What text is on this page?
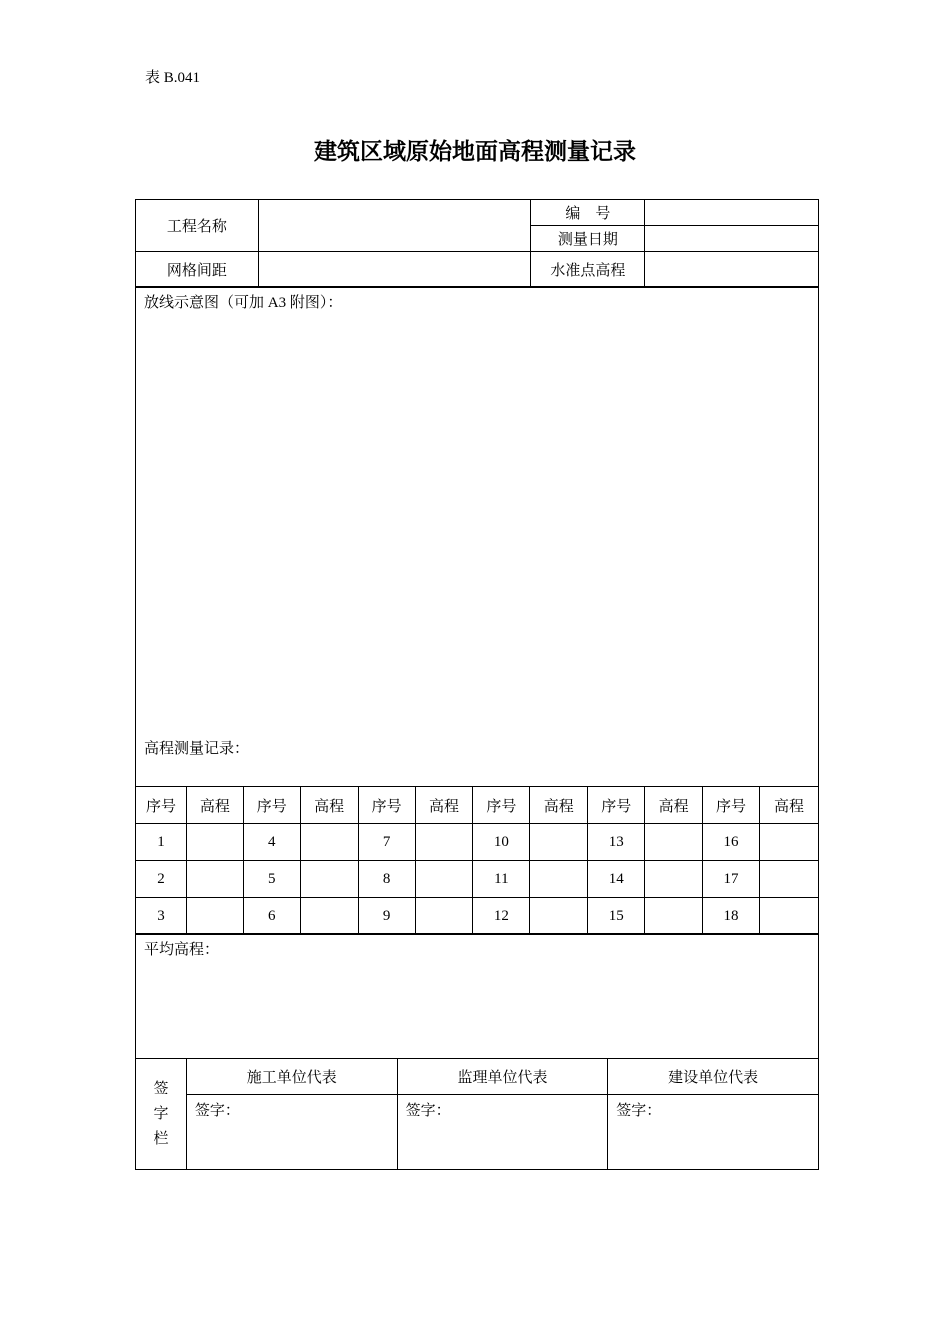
表 B.041
建筑区域原始地面高程测量记录
工程名称		编　号	
		测量日期	
网格间距		水准点高程	
放线示意图（可加 A3 附图）：
高程测量记录：
序号	高程	序号	高程	序号	高程	序号	高程	序号	高程	序号	高程
1		4		7		10		13		16	
2		5		8		11		14		17	
3		6		9		12		15		18	
平均高程：
签
字
栏	施工单位代表	监理单位代表	建设单位代表
	签字：	签字：	签字：
